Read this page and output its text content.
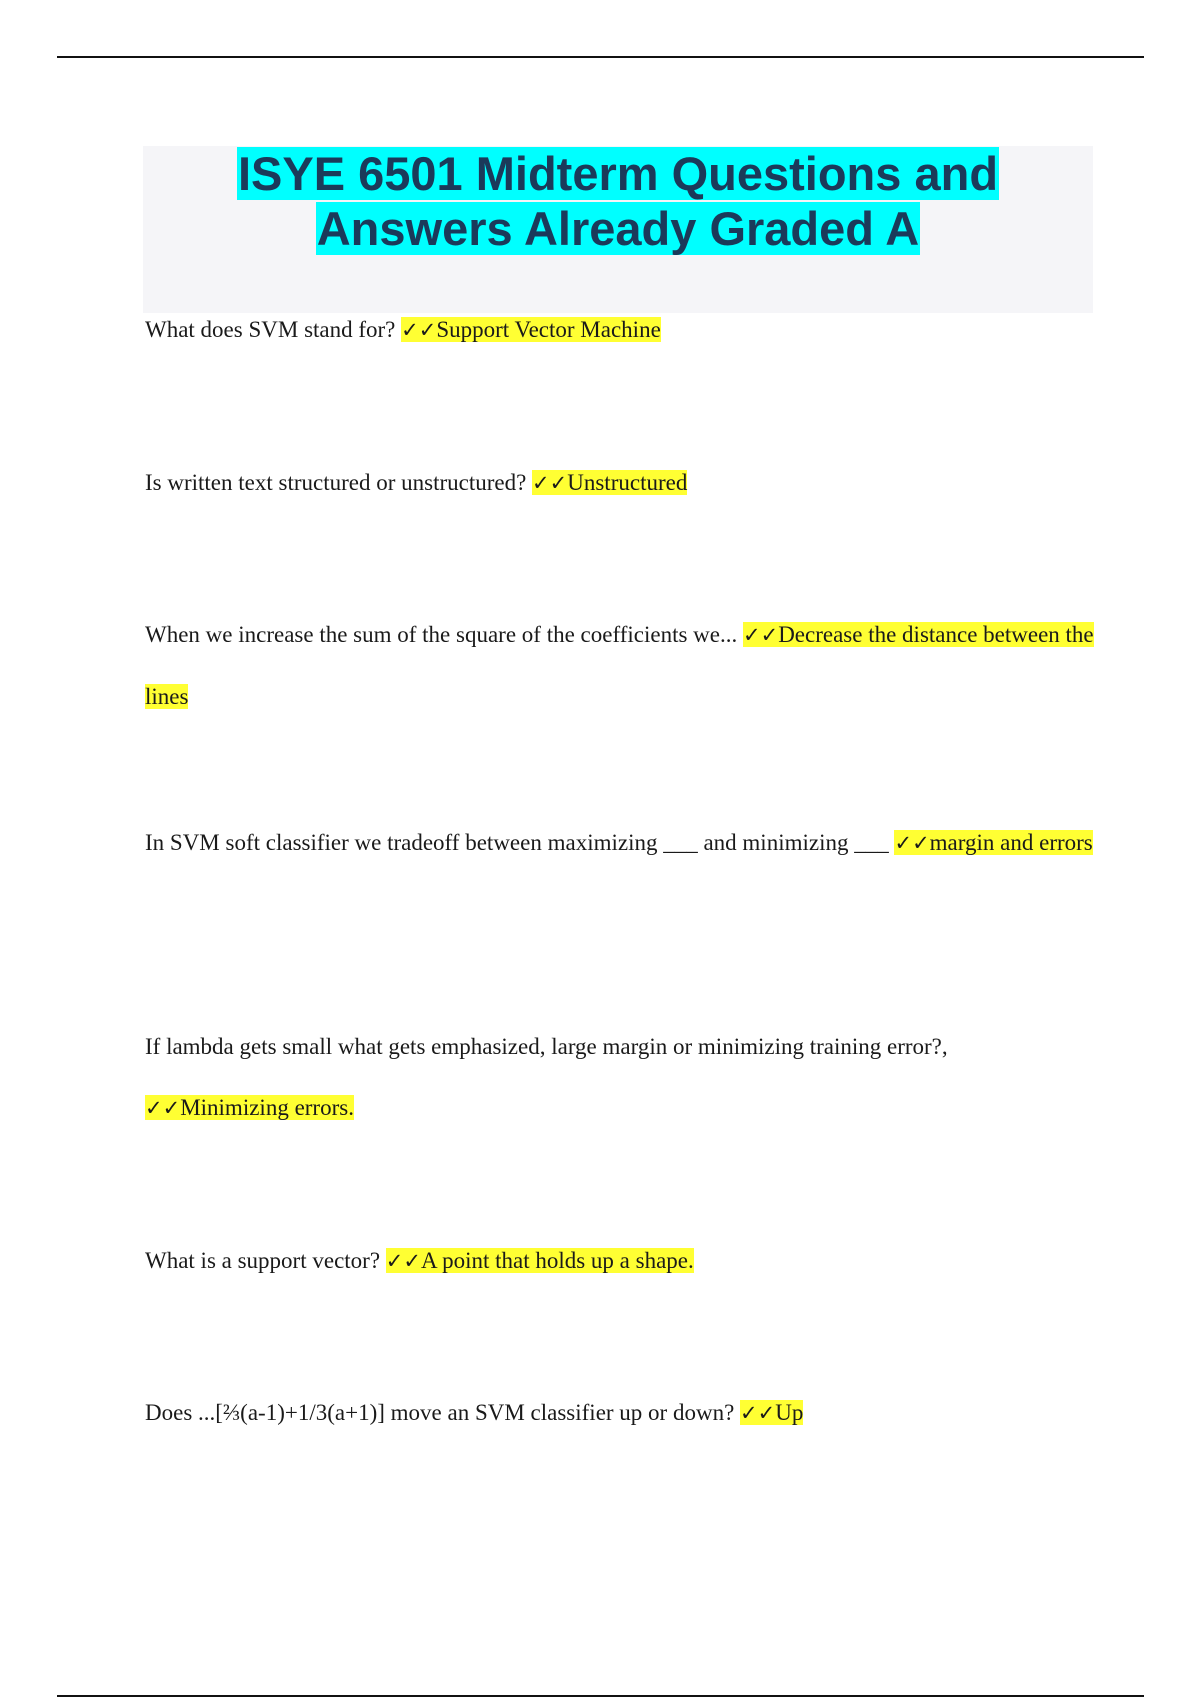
ISYE 6501 Midterm Questions and
Answers Already Graded A

What does SVM stand for? ✓✓Support Vector Machine

Is written text structured or unstructured? ✓✓Unstructured

When we increase the sum of the square of the coefficients we... ✓✓Decrease the distance between the lines

In SVM soft classifier we tradeoff between maximizing ___ and minimizing ___ ✓✓margin and errors

If lambda gets small what gets emphasized, large margin or minimizing training error?, ✓✓Minimizing errors.

What is a support vector? ✓✓A point that holds up a shape.

Does ...[⅔(a-1)+1/3(a+1)] move an SVM classifier up or down? ✓✓Up
